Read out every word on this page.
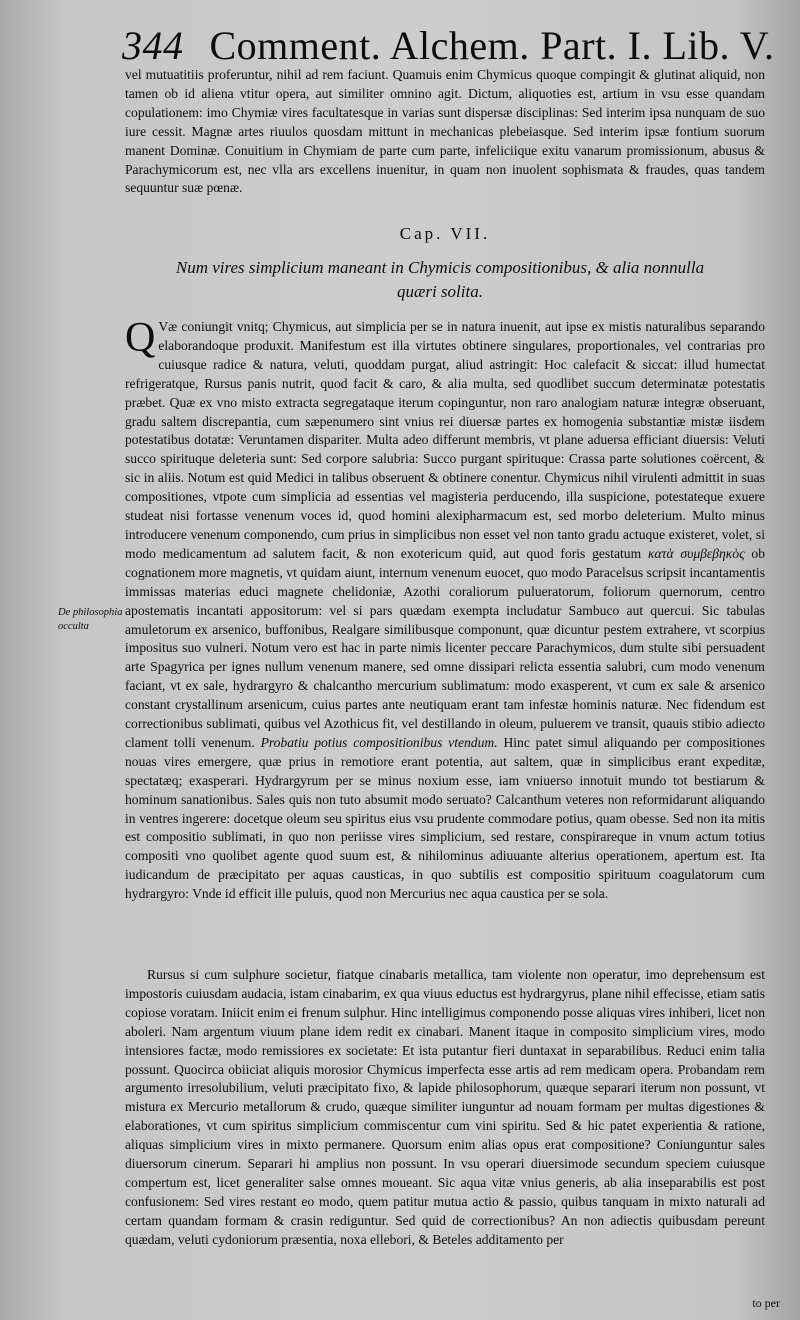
344 Comment. Alchem. Part. I. Lib. V.
vel mutuatitiis proferuntur, nihil ad rem faciunt. Quamuis enim Chymicus quoque compingit & glutinat aliquid, non tamen ob id aliena vtitur opera, aut similiter omnino agit. Dictum, aliquoties est, artium in vsu esse quandam copulationem: imo Chymiæ vires facultatesque in varias sunt dispersæ disciplinas: Sed interim ipsa nunquam de suo iure cessit. Magnæ artes riuulos quosdam mittunt in mechanicas plebeiasque. Sed interim ipsæ fontium suorum manent Dominæ. Conuitium in Chymiam de parte cum parte, infeliciique exitu vanarum promissionum, abusus & Parachymicorum est, nec vlla ars excellens inuenitur, in quam non inuolent sophismata & fraudes, quas tandem sequuntur suæ pœnæ.
Cap. VII.
Num vires simplicium maneant in Chymicis compositionibus, & alia nonnulla quæri solita.
Q Væ coniungit vnitq; Chymicus, aut simplicia per se in natura inuenit, aut ipse ex mistis naturalibus separando elaborandoque produxit. Manifestum est illa virtutes obtinere singulares, proportionales, vel contrarias pro cuiusque radice & natura, veluti, quoddam purgat, aliud astringit: Hoc calefacit & siccat: illud humectat refrigeratque, Rursus panis nutrit, quod facit & caro, & alia multa, sed quodlibet succum determinatæ potestatis præbet. Quæ ex vno misto extracta segregataque iterum copinguntur, non raro analogiam naturæ integræ obseruant, gradu saltem discrepantia, cum sæpenumero sint vnius rei diuersæ partes ex homogenia substantiæ mistæ iisdem potestatibus dotatæ: Veruntamen dispariter. Multa adeo differunt membris, vt plane aduersa efficiant diuersis: Veluti succo spirituque deleteria sunt: Sed corpore salubria: Succo purgant spirituque: Crassa parte solutiones coërcent, & sic in aliis. Notum est quid Medici in talibus obseruent & obtinere conentur. Chymicus nihil virulenti admittit in suas compositiones, vtpote cum simplicia ad essentias vel magisteria perducendo, illa suspicione, potestateque exuere studeat nisi fortasse venenum voces id, quod homini alexipharmacum est, sed morbo deleterium. Multo minus introducere venenum componendo, cum prius in simplicibus non esset vel non tanto gradu actuque existeret, volet, si modo medicamentum ad salutem facit, & non exotericum quid, aut quod foris gestatum κατὰ συμβεβηκὸς ob cognationem more magnetis, vt quidam aiunt, internum venenum euocet, quo modo Paracelsus scripsit incantamentis immissas materias educi magnete chelidoniæ, Azothi coraliorum pulueratorum, foliorum quernorum, centro apostematis incantati appositorum: vel si pars quædam exempta includatur Sambuco aut quercui. Sic tabulas amuletorum ex arsenico, buffonibus, Realgare similibusque componunt, quæ dicuntur pestem extrahere, vt scorpius impositus suo vulneri. Notum vero est hac in parte nimis licenter peccare Parachymicos, dum stulte sibi persuadent arte Spagyrica per ignes nullum venenum manere, sed omne dissipari relicta essentia salubri, cum modo venenum faciant, vt ex sale, hydrargyro & chalcantho mercurium sublimatum: modo exasperent, vt cum ex sale & arsenico constant crystallinum arsenicum, cuius partes ante neutiquam erant tam infestæ hominis naturæ. Nec fidendum est correctionibus sublimati, quibus vel Azothicus fit, vel destillando in oleum, puluerem ve transit, quauis stibio adiecto clament tolli venenum. Probatiu potius compositionibus vtendum. Hinc patet simul aliquando per compositiones nouas vires emergere, quæ prius in remotiore erant potentia, aut saltem, quæ in simplicibus erant expeditæ, spectatæq; exasperari. Hydrargyrum per se minus noxium esse, iam vniuerso innotuit mundo tot bestiarum & hominum sanationibus. Sales quis non tuto absumit modo seruato? Calcanthum veteres non reformidarunt aliquando in ventres ingerere: docetque oleum seu spiritus eius vsu prudente commodare potius, quam obesse. Sed non ita mitis est compositio sublimati, in quo non periisse vires simplicium, sed restare, conspirareque in vnum actum totius compositi vno quolibet agente quod suum est, & nihilominus adiuuante alterius operationem, apertum est. Ita iudicandum de præcipitato per aquas causticas, in quo subtilis est compositio spirituum coagulatorum cum hydrargyro: Vnde id efficit ille puluis, quod non Mercurius nec aqua caustica per se sola.
Rursus si cum sulphure societur, fiatque cinabaris metallica, tam violente non operatur, imo deprehensum est impostoris cuiusdam audacia, istam cinabarim, ex qua viuus eductus est hydrargyrus, plane nihil effecisse, etiam satis copiose voratam. Iniicit enim ei frenum sulphur. Hinc intelligimus componendo posse aliquas vires inhiberi, licet non aboleri. Nam argentum viuum plane idem redit ex cinabari. Manent itaque in composito simplicium vires, modo intensiores factæ, modo remissiores ex societate: Et ista putantur fieri duntaxat in separabilibus. Reduci enim talia possunt. Quocirca obiiciat aliquis morosior Chymicus imperfecta esse artis ad rem medicam opera. Probandam rem argumento irresolubilium, veluti præcipitato fixo, & lapide philosophorum, quæque separari iterum non possunt, vt mistura ex Mercurio metallorum & crudo, quæque similiter iunguntur ad nouam formam per multas digestiones & elaborationes, vt cum spiritus simplicium commiscentur cum vini spiritu. Sed & hic patet experientia & ratione, aliquas simplicium vires in mixto permanere. Quorsum enim alias opus erat compositione? Coniunguntur sales diuersorum cinerum. Separari hi amplius non possunt. In vsu operari diuersimode secundum speciem cuiusque compertum est, licet generaliter salse omnes moueant. Sic aqua vitæ vnius generis, ab alia inseparabilis est post confusionem: Sed vires restant eo modo, quem patitur mutua actio & passio, quibus tanquam in mixto naturali ad certam quandam formam & crasin rediguntur. Sed quid de correctionibus? An non adiectis quibusdam pereunt quædam, veluti cydoniorum præsentia, noxa ellebori, & Beteles additamento per
De philosophia occulta
to per
